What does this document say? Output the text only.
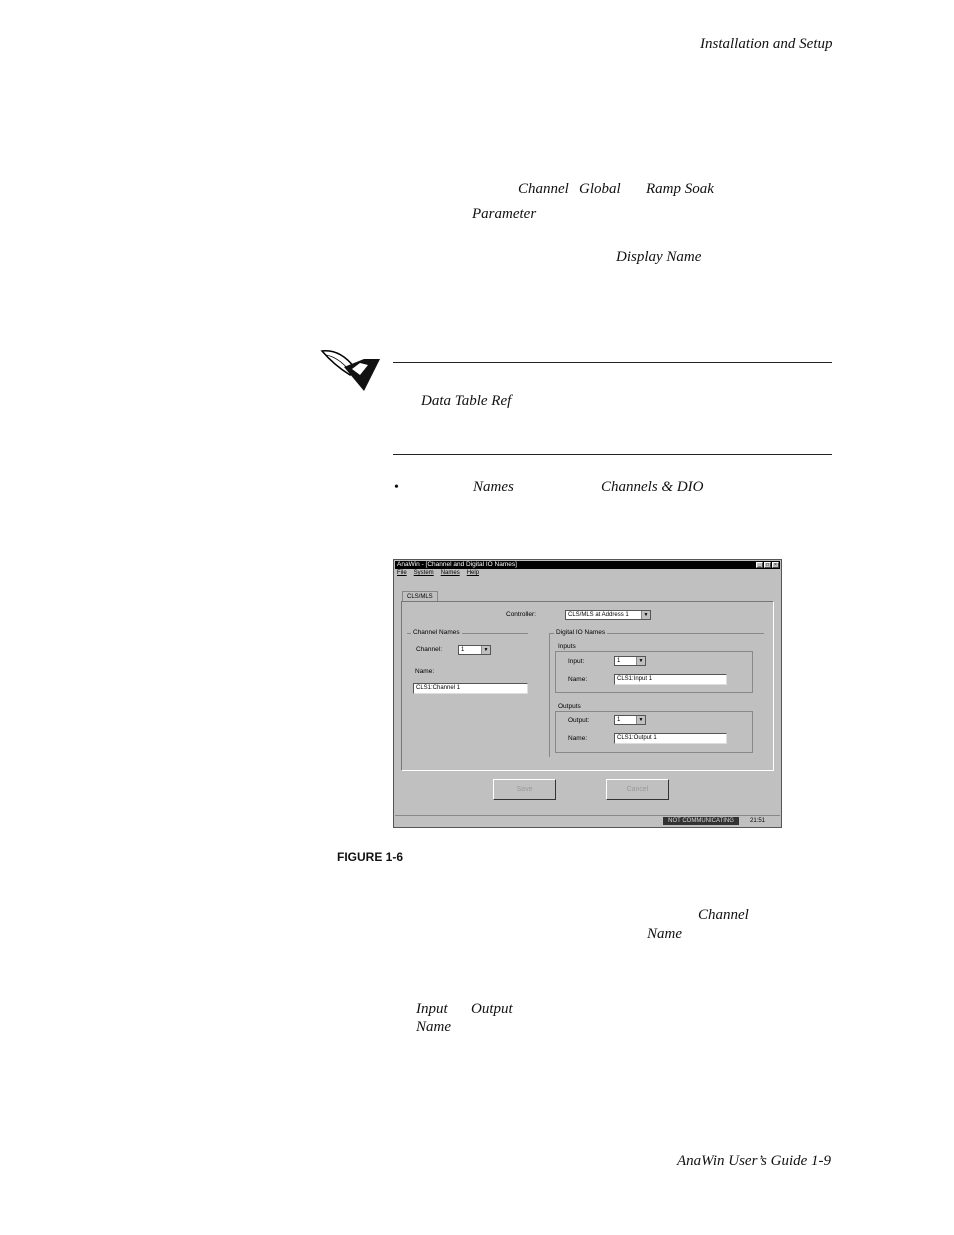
Installation and Setup
Channel Global Ramp Soak
Parameter
Display Name
Data Table Ref
•	Names	Channels & DIO
AnaWin - [Channel and Digital IO Names]	_	□	×
File System Names Help
CLS/MLS
Controller:	CLS/MLS at Address 1	▼
Channel Names
Channel:	1	▼
Name:
CLS1:Channel 1
Digital IO Names
Inputs
Input:	1	▼
Name:	CLS1:Input 1
Outputs
Output:	1	▼
Name:	CLS1:Output 1
Save	Cancel
NOT COMMUNICATING	21:51
FIGURE 1-6
Channel
Name
Input Output
Name
AnaWin User’s Guide 1-9
